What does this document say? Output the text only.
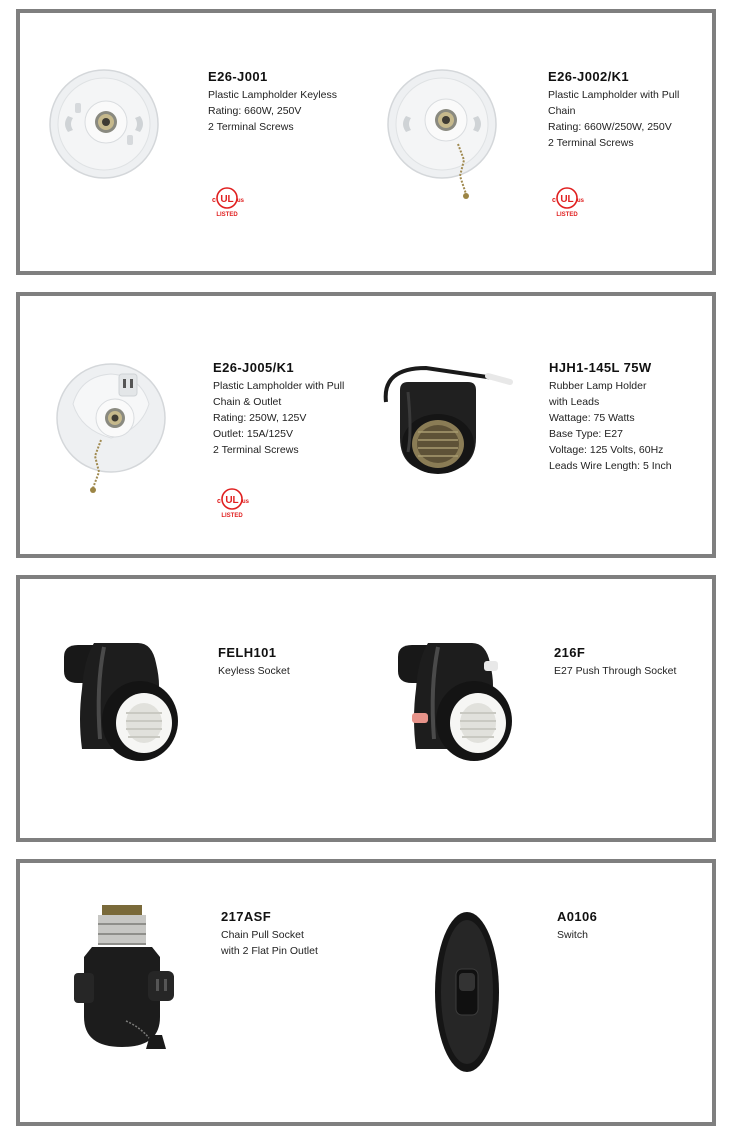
E26-J001
Plastic Lampholder Keyless
Rating: 660W, 250V
2 Terminal Screws
UL
c	us
LISTED
E26-J002/K1
Plastic Lampholder with Pull
Chain
Rating: 660W/250W, 250V
2 Terminal Screws
UL
c	us
LISTED
E26-J005/K1
Plastic Lampholder with Pull
Chain & Outlet
Rating: 250W, 125V
Outlet: 15A/125V
2 Terminal Screws
UL
c	us
LISTED
HJH1-145L 75W
Rubber Lamp Holder
with Leads
Wattage: 75 Watts
Base Type: E27
Voltage: 125 Volts, 60Hz
Leads Wire Length: 5 Inch
FELH101
Keyless Socket
216F
E27 Push Through Socket
217ASF
Chain Pull Socket
with 2 Flat Pin Outlet
A0106
Switch
